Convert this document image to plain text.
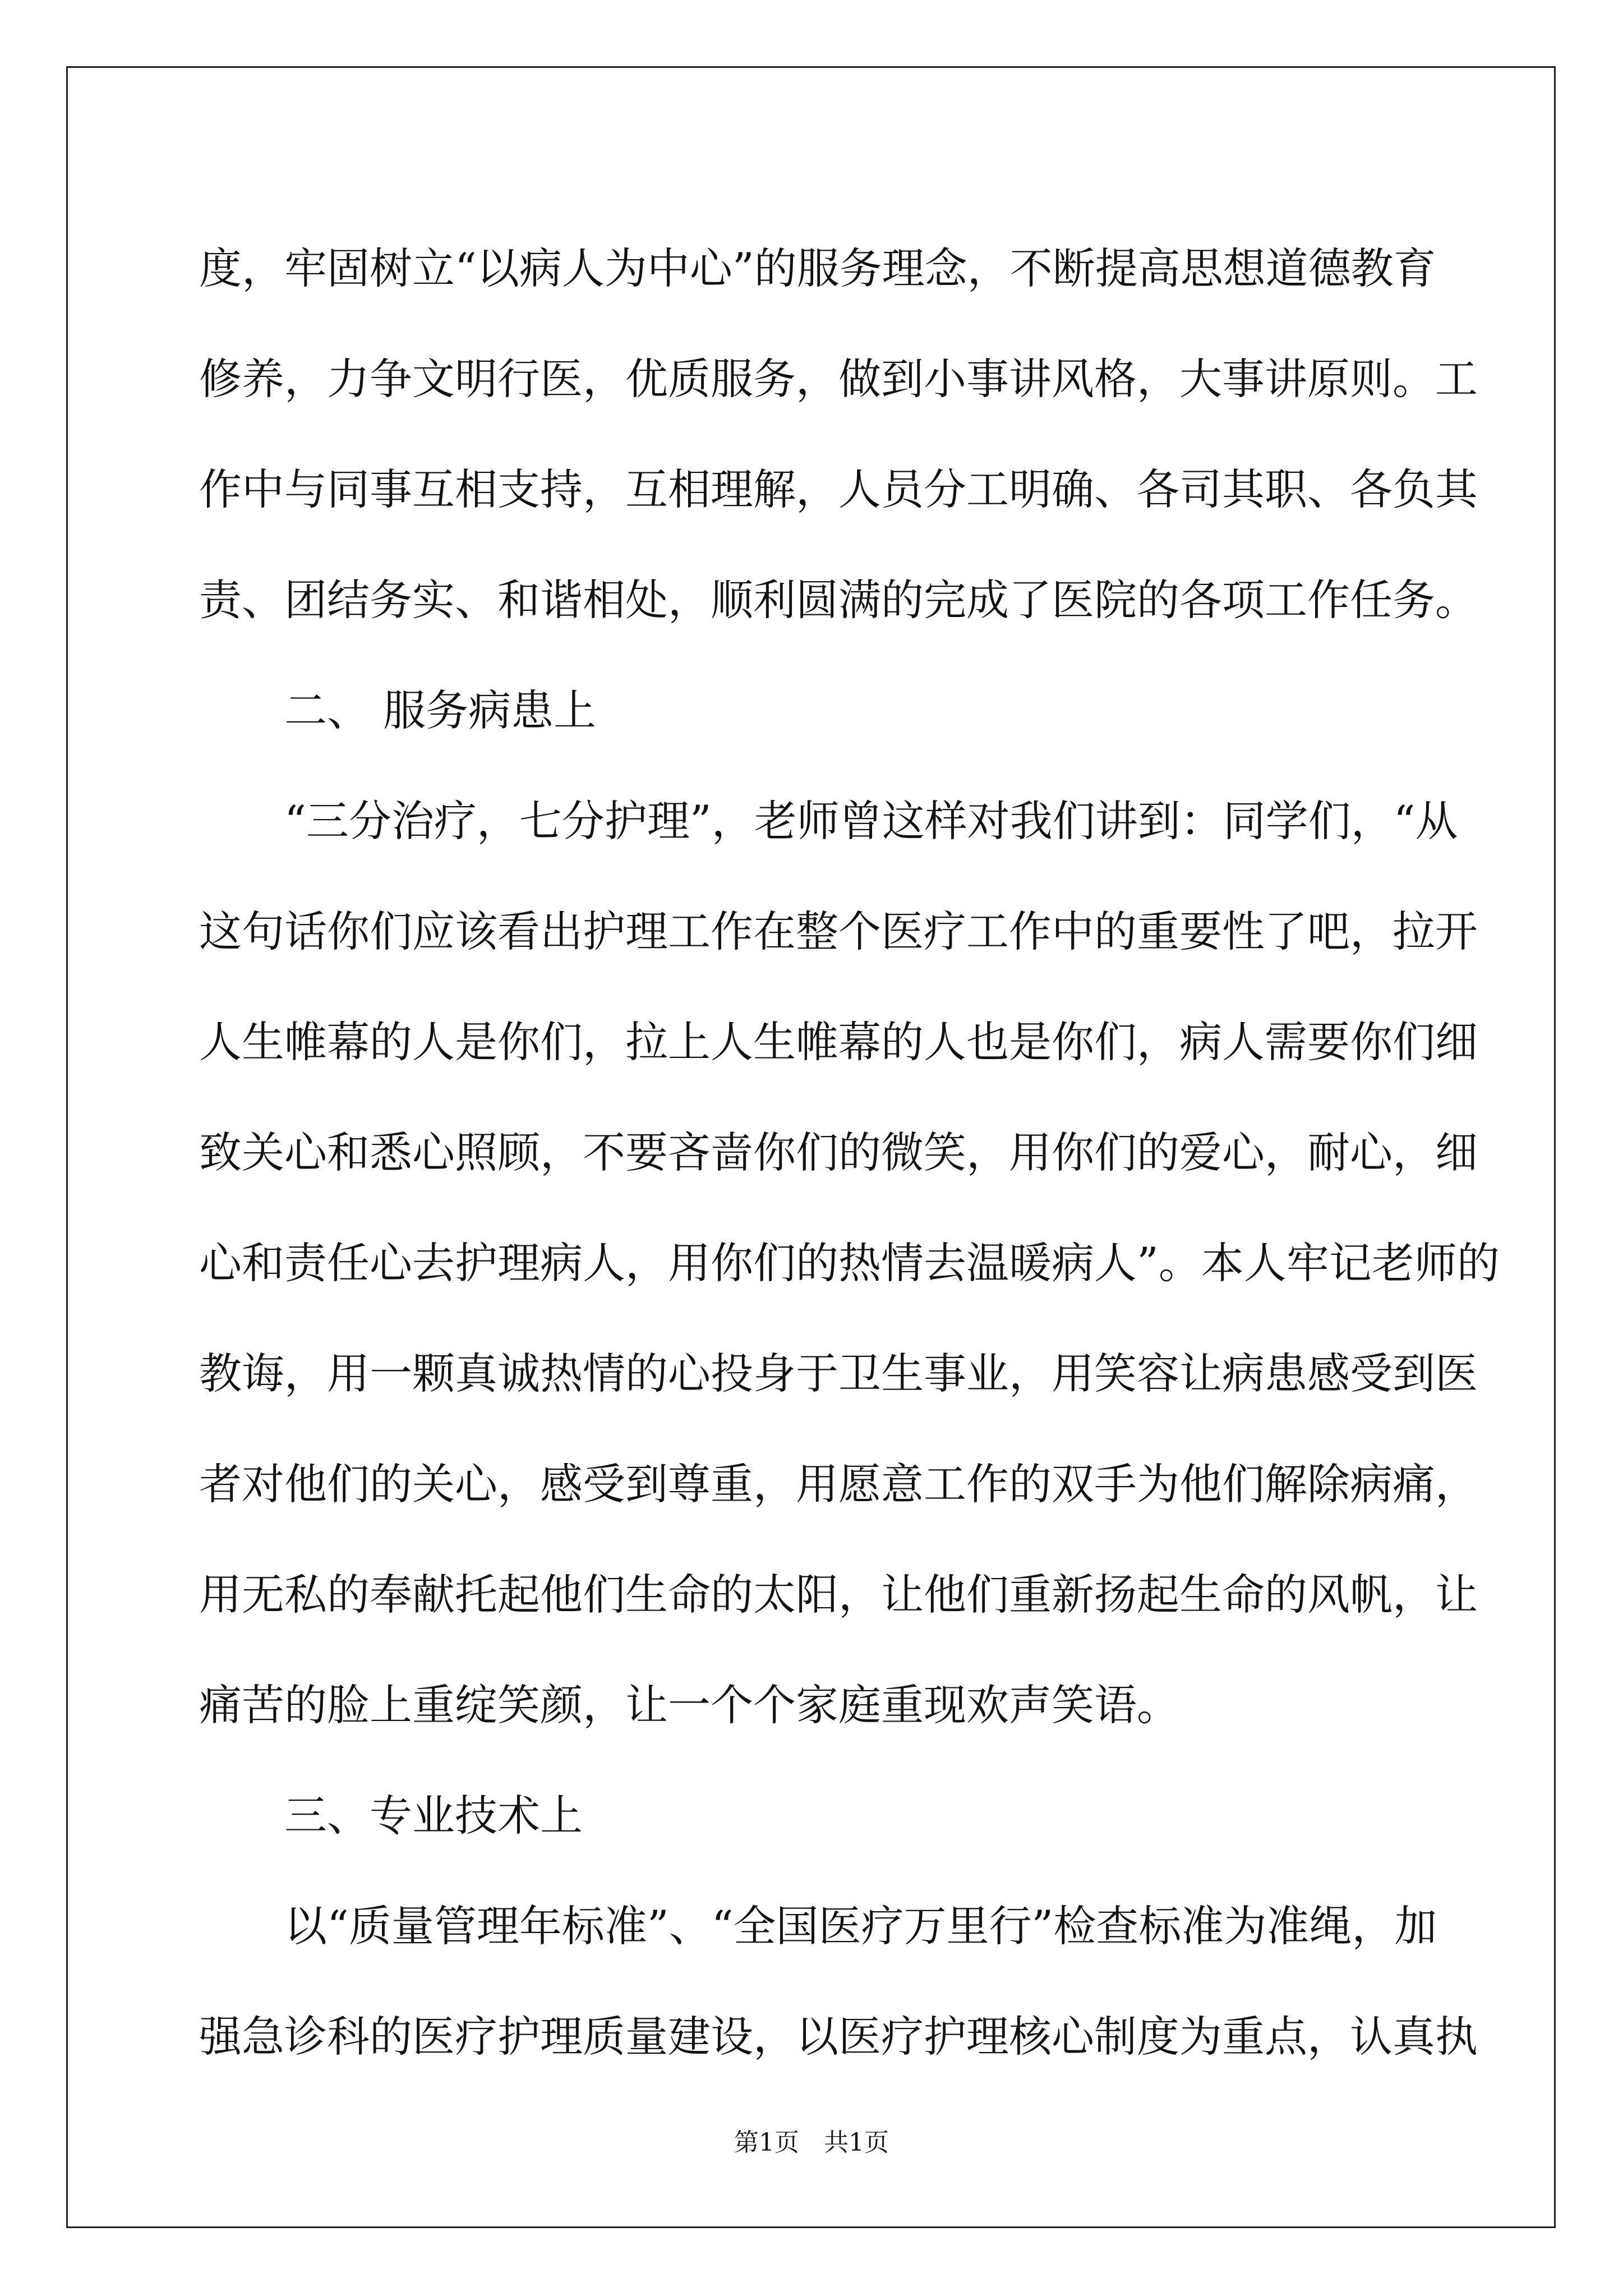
度，牢固树立“以病人为中心”的服务理念，不断提高思想道德教育
修养，力争文明行医，优质服务，做到小事讲风格，大事讲原则。工
作中与同事互相支持，互相理解，人员分工明确、各司其职、各负其
责、团结务实、和谐相处，顺利圆满的完成了医院的各项工作任务。
二、 服务病患上
“三分治疗，七分护理”，老师曾这样对我们讲到：同学们，“从
这句话你们应该看出护理工作在整个医疗工作中的重要性了吧，拉开
人生帷幕的人是你们，拉上人生帷幕的人也是你们，病人需要你们细
致关心和悉心照顾，不要吝啬你们的微笑，用你们的爱心，耐心，细
心和责任心去护理病人，用你们的热情去温暖病人”。本人牢记老师的
教诲，用一颗真诚热情的心投身于卫生事业，用笑容让病患感受到医
者对他们的关心，感受到尊重，用愿意工作的双手为他们解除病痛，
用无私的奉献托起他们生命的太阳，让他们重新扬起生命的风帆，让
痛苦的脸上重绽笑颜，让一个个家庭重现欢声笑语。
三、专业技术上
以“质量管理年标准”、“全国医疗万里行”检查标准为准绳，加
强急诊科的医疗护理质量建设，以医疗护理核心制度为重点，认真执
第1页　共1页
